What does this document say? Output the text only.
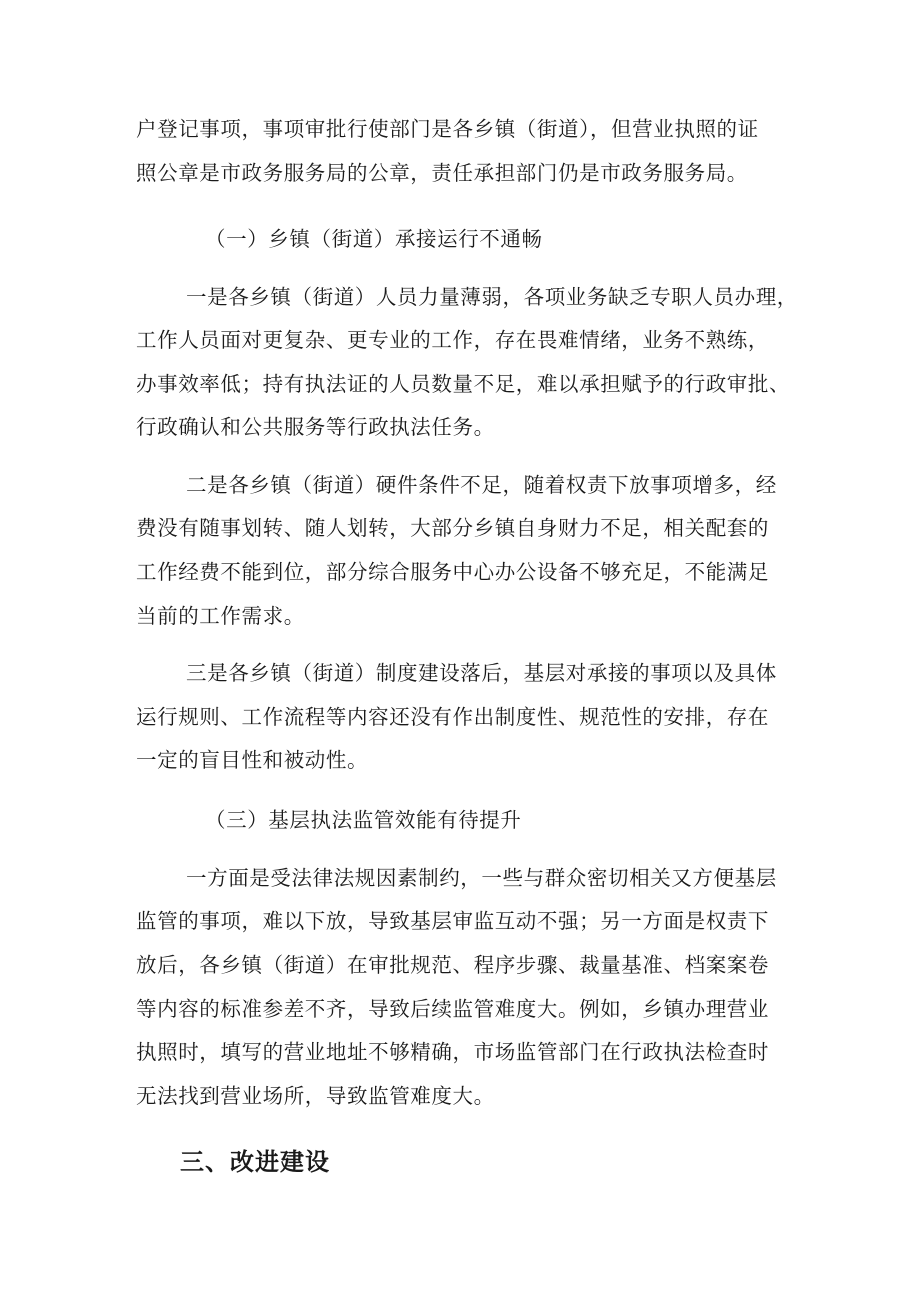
户登记事项，事项审批行使部门是各乡镇（街道），但营业执照的证
照公章是市政务服务局的公章，责任承担部门仍是市政务服务局。
（一）乡镇（街道）承接运行不通畅
一是各乡镇（街道）人员力量薄弱，各项业务缺乏专职人员办理，
工作人员面对更复杂、更专业的工作，存在畏难情绪，业务不熟练，
办事效率低；持有执法证的人员数量不足，难以承担赋予的行政审批、
行政确认和公共服务等行政执法任务。
二是各乡镇（街道）硬件条件不足，随着权责下放事项增多，经
费没有随事划转、随人划转，大部分乡镇自身财力不足，相关配套的
工作经费不能到位，部分综合服务中心办公设备不够充足，不能满足
当前的工作需求。
三是各乡镇（街道）制度建设落后，基层对承接的事项以及具体
运行规则、工作流程等内容还没有作出制度性、规范性的安排，存在
一定的盲目性和被动性。
（三）基层执法监管效能有待提升
一方面是受法律法规因素制约，一些与群众密切相关又方便基层
监管的事项，难以下放，导致基层审监互动不强；另一方面是权责下
放后，各乡镇（街道）在审批规范、程序步骤、裁量基准、档案案卷
等内容的标准参差不齐，导致后续监管难度大。例如，乡镇办理营业
执照时，填写的营业地址不够精确，市场监管部门在行政执法检查时
无法找到营业场所，导致监管难度大。
三、改进建设
